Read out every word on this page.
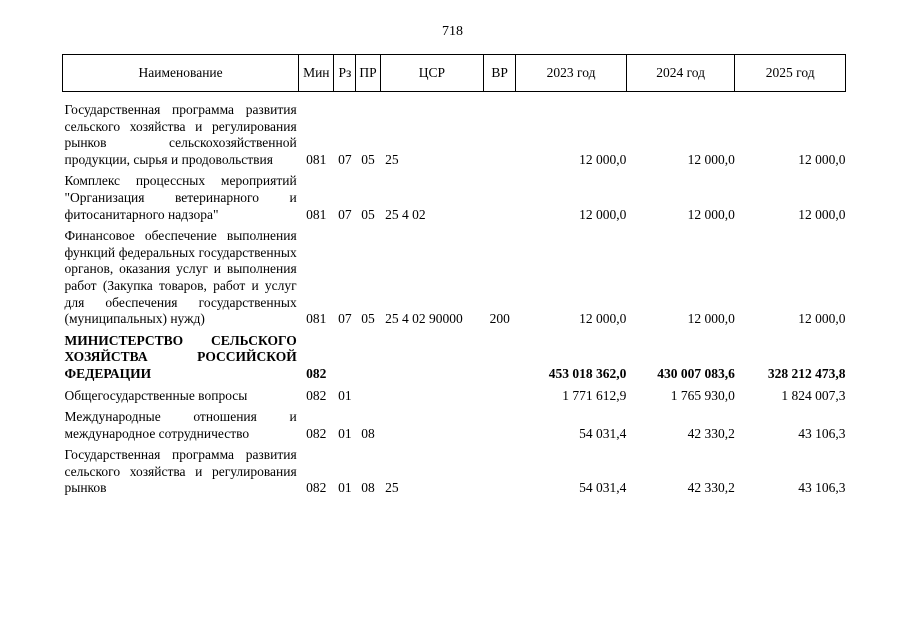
718
Наименование	Мин	Рз	ПР	ЦСР	ВР	2023 год	2024 год	2025 год
Государственная программа развития сельского хозяйства и регулирования рынков сельскохозяйственной продукции, сырья и продовольствия	081	07	05	25		12 000,0	12 000,0	12 000,0
Комплекс процессных мероприятий "Организация ветеринарного и фитосанитарного надзора"	081	07	05	25 4 02		12 000,0	12 000,0	12 000,0
Финансовое обеспечение выполнения функций федеральных государственных органов, оказания услуг и выполнения работ (Закупка товаров, работ и услуг для обеспечения государственных (муниципальных) нужд)	081	07	05	25 4 02 90000	200	12 000,0	12 000,0	12 000,0
МИНИСТЕРСТВО СЕЛЬСКОГО ХОЗЯЙСТВА РОССИЙСКОЙ ФЕДЕРАЦИИ	082					453 018 362,0	430 007 083,6	328 212 473,8
Общегосударственные вопросы	082	01				1 771 612,9	1 765 930,0	1 824 007,3
Международные отношения и международное сотрудничество	082	01	08			54 031,4	42 330,2	43 106,3
Государственная программа развития сельского хозяйства и регулирования рынков	082	01	08	25		54 031,4	42 330,2	43 106,3
